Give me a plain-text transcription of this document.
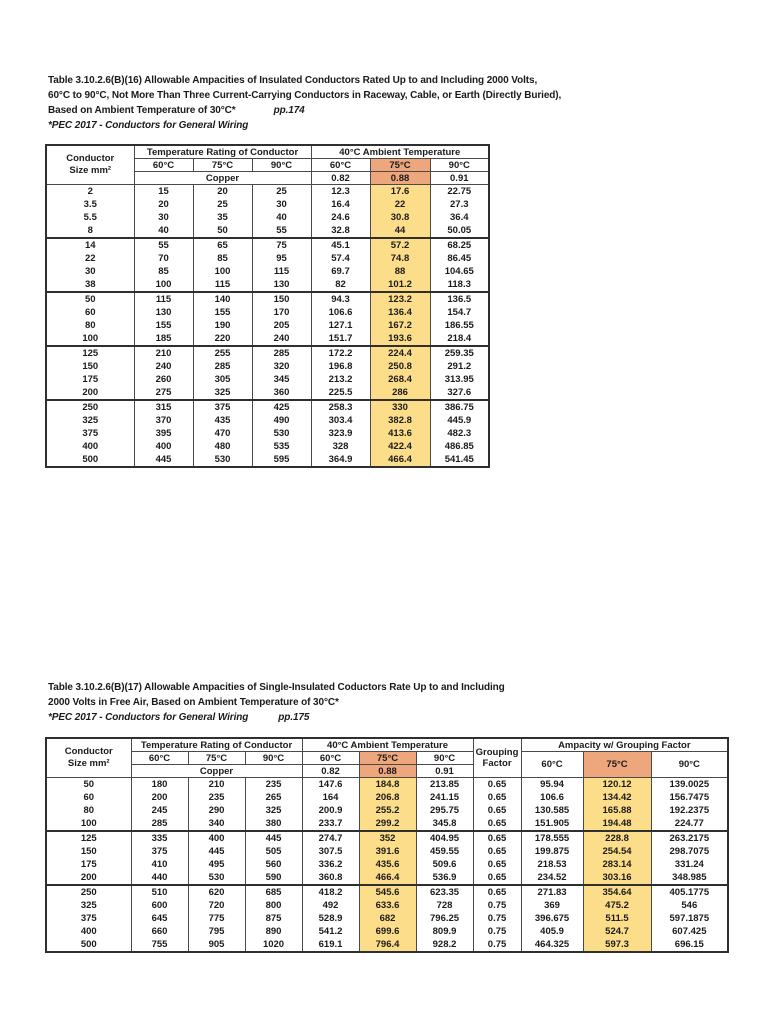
Table 3.10.2.6(B)(16) Allowable Ampacities of Insulated Conductors Rated Up to and Including 2000 Volts,
60°C to 90°C, Not More Than Three Current-Carrying Conductors in Raceway, Cable, or Earth (Directly Buried),
Based on Ambient Temperature of 30°C*	pp.174
*PEC 2017 - Conductors for General Wiring
Conductor
Size mm²	Temperature Rating of Conductor			40°C Ambient Temperature		
	60°C	75°C	90°C	60°C	75°C	90°C
	Copper			0.82	0.88	0.91
2	15	20	25	12.3	17.6	22.75
3.5	20	25	30	16.4	22	27.3
5.5	30	35	40	24.6	30.8	36.4
8	40	50	55	32.8	44	50.05
14	55	65	75	45.1	57.2	68.25
22	70	85	95	57.4	74.8	86.45
30	85	100	115	69.7	88	104.65
38	100	115	130	82	101.2	118.3
50	115	140	150	94.3	123.2	136.5
60	130	155	170	106.6	136.4	154.7
80	155	190	205	127.1	167.2	186.55
100	185	220	240	151.7	193.6	218.4
125	210	255	285	172.2	224.4	259.35
150	240	285	320	196.8	250.8	291.2
175	260	305	345	213.2	268.4	313.95
200	275	325	360	225.5	286	327.6
250	315	375	425	258.3	330	386.75
325	370	435	490	303.4	382.8	445.9
375	395	470	530	323.9	413.6	482.3
400	400	480	535	328	422.4	486.85
500	445	530	595	364.9	466.4	541.45
Table 3.10.2.6(B)(17) Allowable Ampacities of Single-Insulated Coductors Rate Up to and Including
2000 Volts in Free Air, Based on Ambient Temperature of 30°C*
*PEC 2017 - Conductors for General Wiring	pp.175
Conductor
Size mm²	Temperature Rating of Conductor			40°C Ambient Temperature			Grouping Factor	Ampacity w/ Grouping Factor		
	60°C	75°C	90°C	60°C	75°C	90°C		60°C	75°C	90°C
	Copper			0.82	0.88	0.91				
50	180	210	235	147.6	184.8	213.85	0.65	95.94	120.12	139.0025
60	200	235	265	164	206.8	241.15	0.65	106.6	134.42	156.7475
80	245	290	325	200.9	255.2	295.75	0.65	130.585	165.88	192.2375
100	285	340	380	233.7	299.2	345.8	0.65	151.905	194.48	224.77
125	335	400	445	274.7	352	404.95	0.65	178.555	228.8	263.2175
150	375	445	505	307.5	391.6	459.55	0.65	199.875	254.54	298.7075
175	410	495	560	336.2	435.6	509.6	0.65	218.53	283.14	331.24
200	440	530	590	360.8	466.4	536.9	0.65	234.52	303.16	348.985
250	510	620	685	418.2	545.6	623.35	0.65	271.83	354.64	405.1775
325	600	720	800	492	633.6	728	0.75	369	475.2	546
375	645	775	875	528.9	682	796.25	0.75	396.675	511.5	597.1875
400	660	795	890	541.2	699.6	809.9	0.75	405.9	524.7	607.425
500	755	905	1020	619.1	796.4	928.2	0.75	464.325	597.3	696.15
